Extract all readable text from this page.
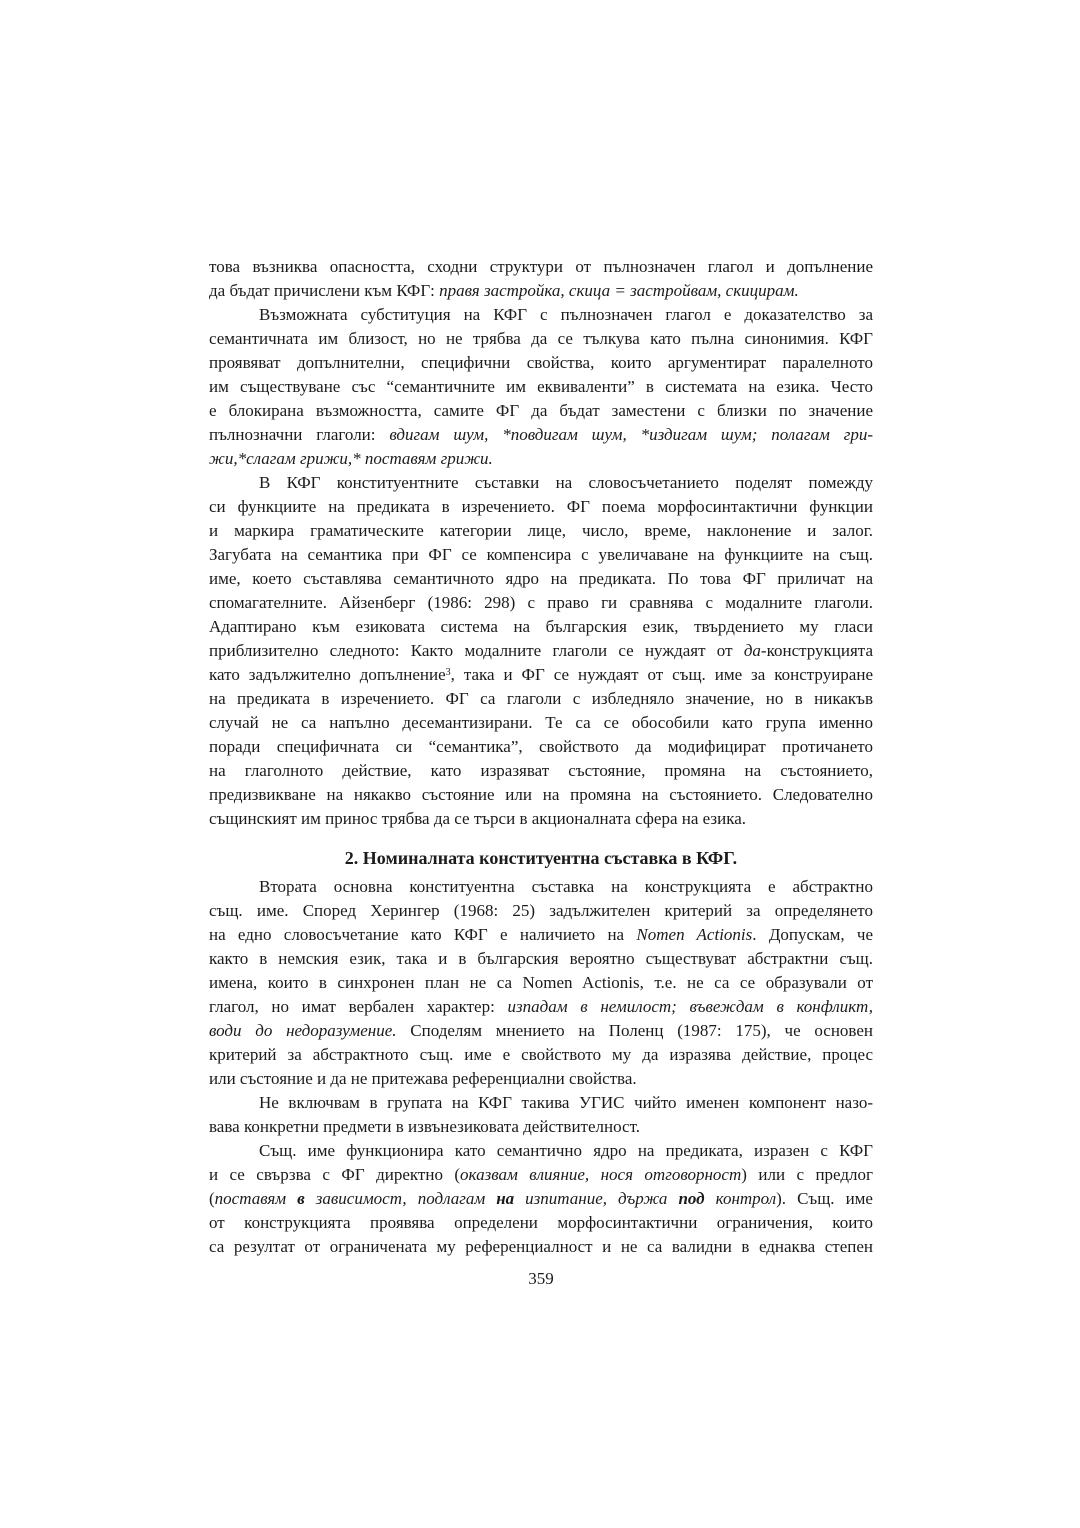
това възниква опасността, сходни структури от пълнозначен глагол и допълнение
да бъдат причислени към КФГ: правя застройка, скица = застройвам, скицирам.
Възможната субституция на КФГ с пълнозначен глагол е доказателство за
семантичната им близост, но не трябва да се тълкува като пълна синонимия. КФГ
проявяват допълнителни, специфични свойства, които аргументират паралелното
им съществуване със “семантичните им еквиваленти” в системата на езика. Често
е блокирана възможността, самите ФГ да бъдат заместени с близки по значение
пълнозначни глаголи: вдигам шум, *повдигам шум, *издигам шум; полагам гри-
жи,*слагам грижи,* поставям грижи.
В КФГ конституентните съставки на словосъчетанието поделят помежду
си функциите на предиката в изречението. ФГ поема морфосинтактични функции
и маркира граматическите категории лице, число, време, наклонение и залог.
Загубата на семантика при ФГ се компенсира с увеличаване на функциите на същ.
име, което съставлява семантичното ядро на предиката. По това ФГ приличат на
спомагателните. Айзенберг (1986: 298) с право ги сравнява с модалните глаголи.
Адаптирано към езиковата система на българския език, твърдението му гласи
приблизително следното: Както модалните глаголи се нуждаят от да-конструкцията
като задължително допълнение$^3$, така и ФГ се нуждаят от същ. име за конструиране
на предиката в изречението. ФГ са глаголи с избледняло значение, но в никакъв
случай не са напълно десемантизирани. Те са се обособили като група именно
поради специфичната си “семантика”, свойството да модифицират протичането
на глаголното действие, като изразяват състояние, промяна на състоянието,
предизвикване на някакво състояние или на промяна на състоянието. Следователно
същинският им принос трябва да се търси в акционалната сфера на езика.
2. Номиналната конституентна съставка в КФГ.
Втората основна конституентна съставка на конструкцията е абстрактно
същ. име. Според Херингер (1968: 25) задължителен критерий за определянето
на едно словосъчетание като КФГ е наличието на Nomen Actionis. Допускам, че
както в немския език, така и в българския вероятно съществуват абстрактни същ.
имена, които в синхронен план не са Nomen Actionis, т.е. не са се образували от
глагол, но имат вербален характер: изпадам в немилост; въвеждам в конфликт,
води до недоразумение. Споделям мнението на Поленц (1987: 175), че основен
критерий за абстрактното същ. име е свойството му да изразява действие, процес
или състояние и да не притежава референциални свойства.
Не включвам в групата на КФГ такива УГИС чийто именен компонент назо-
вава конкретни предмети в извънезиковата действителност.
Същ. име функционира като семантично ядро на предиката, изразен с КФГ
и се свързва с ФГ директно (оказвам влияние, нося отговорност) или с предлог
(поставям в зависимост, подлагам на изпитание, държа под контрол). Същ. име
от конструкцията проявява определени морфосинтактични ограничения, които
са резултат от ограничената му референциалност и не са валидни в еднаква степен
359
